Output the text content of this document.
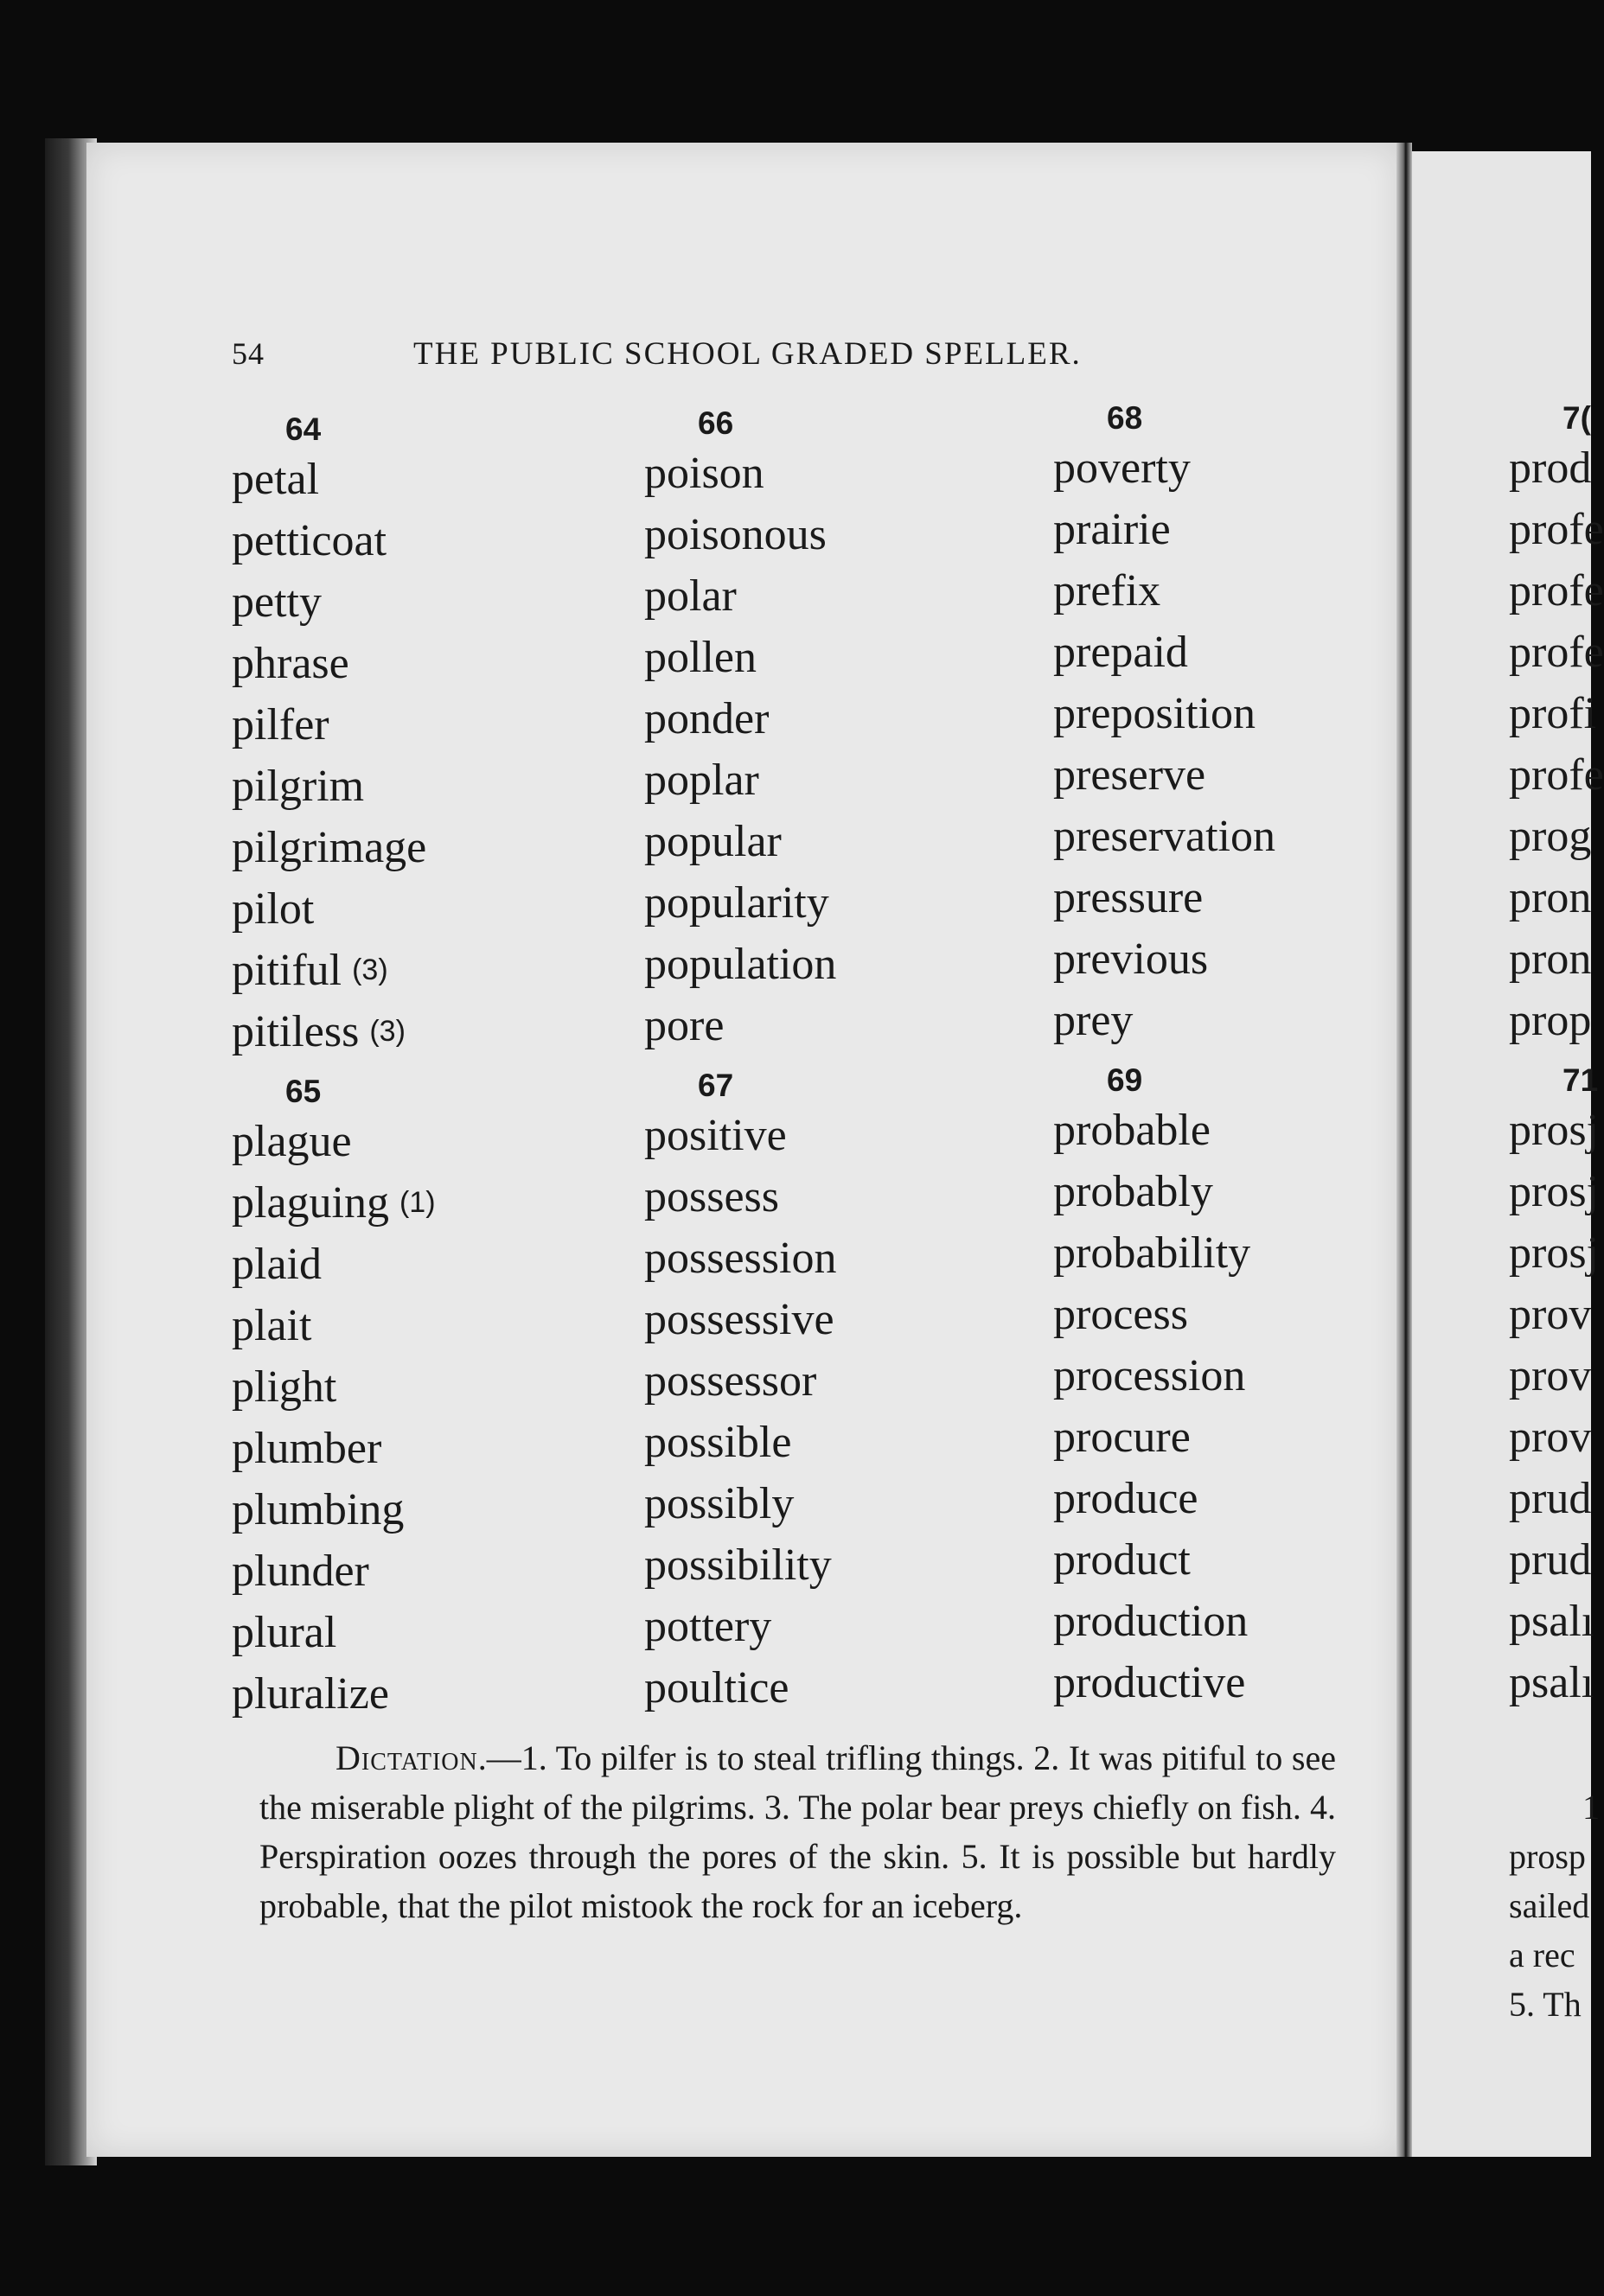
54	THE PUBLIC SCHOOL GRADED SPELLER.
64
petal
petticoat
petty
phrase
pilfer
pilgrim
pilgrimage
pilot
pitiful (3)
pitiless (3)
65
plague
plaguing (1)
plaid
plait
plight
plumber
plumbing
plunder
plural
pluralize
66
poison
poisonous
polar
pollen
ponder
poplar
popular
popularity
population
pore
67
positive
possess
possession
possessive
possessor
possible
possibly
possibility
pottery
poultice
68
poverty
prairie
prefix
prepaid
preposition
preserve
preservation
pressure
previous
prey
69
probable
probably
probability
process
procession
procure
produce
product
production
productive

Dictation.—1. To pilfer is to steal trifling things. 2. It was pitiful to see the miserable plight of the pilgrims. 3. The polar bear preys chiefly on fish. 4. Perspiration oozes through the pores of the skin. 5. It is possible but hardly probable, that the pilot mistook the rock for an iceberg.

7(
prod
profe
profe
profe
profi
profe
prog
pron
pron
prop
71
prosj
prosj
prosj
prov
prov
prov
prud
prud
psalı
psalı
1
prosp
sailed
a rec
5. Th
